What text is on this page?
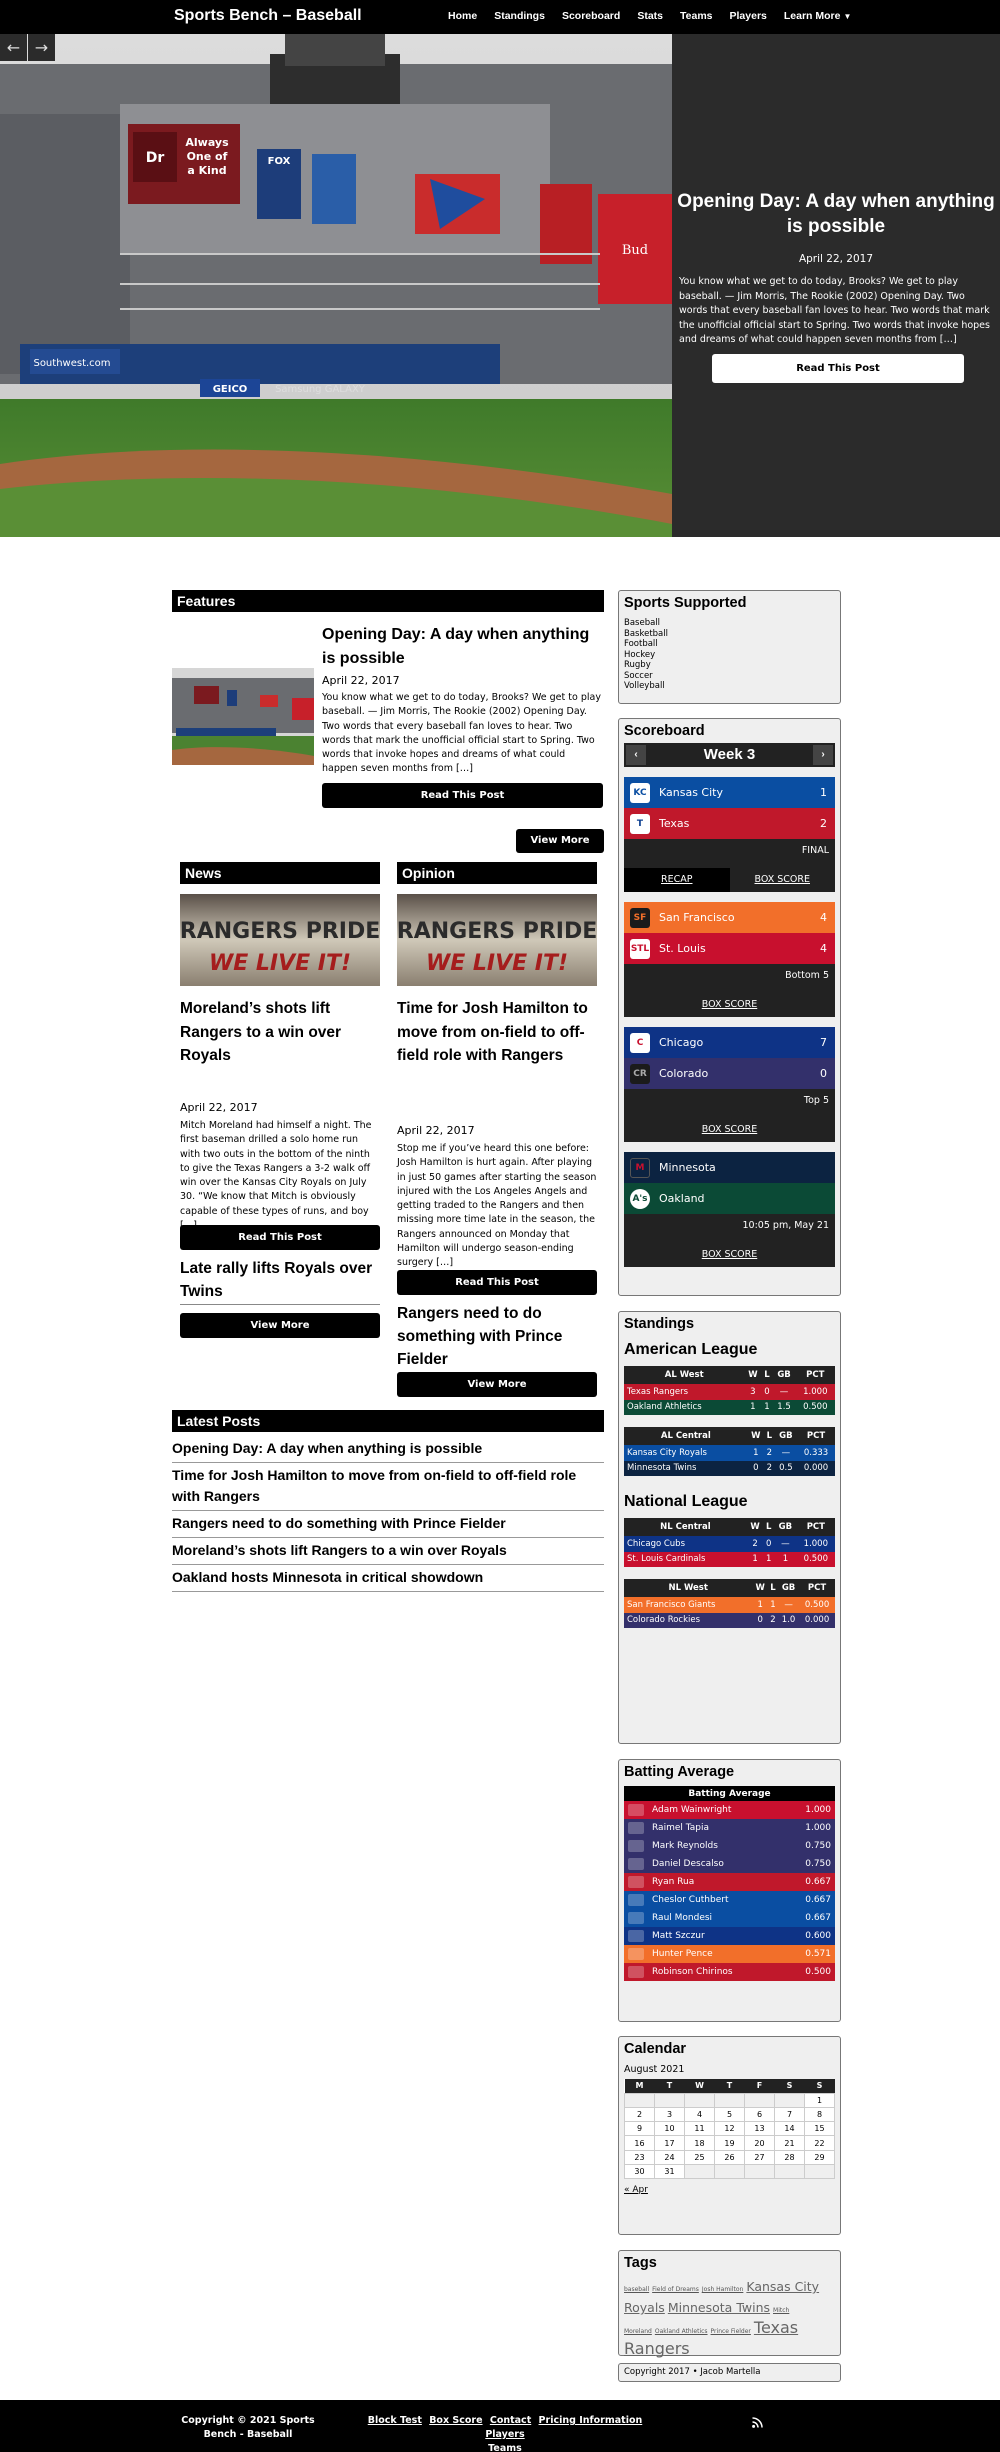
Sports Bench – Baseball	Home Standings Scoreboard Stats Teams Players Learn More ▼
Dr
Always
One of
a Kind
FOX
Bud
Southwest.com
GEICO	Samsung GALAXY
← →
Opening Day: A day when anything is possible
April 22, 2017
You know what we get to do today, Brooks? We get to play baseball. — Jim Morris, The Rookie (2002) Opening Day. Two words that every baseball fan loves to hear. Two words that mark the unofficial official start to Spring. Two words that invoke hopes and dreams of what could happen seven months from […]
Read This Post
Features
Opening Day: A day when anything is possible
April 22, 2017
You know what we get to do today, Brooks? We get to play baseball. — Jim Morris, The Rookie (2002) Opening Day. Two words that every baseball fan loves to hear. Two words that mark the unofficial official start to Spring. Two words that invoke hopes and dreams of what could happen seven months from […]
Read This Post
View More
News
RANGERS PRIDE
WE LIVE IT!
Moreland’s shots lift Rangers to a win over Royals
April 22, 2017
Mitch Moreland had himself a night. The first baseman drilled a solo home run with two outs in the bottom of the ninth to give the Texas Rangers a 3-2 walk off win over the Kansas City Royals on July 30. “We know that Mitch is obviously capable of these types of runs, and boy
Read This Post
Late rally lifts Royals over Twins
View More
Opinion
RANGERS PRIDE
WE LIVE IT!
Time for Josh Hamilton to move from on-field to off-field role with Rangers
April 22, 2017
Stop me if you’ve heard this one before: Josh Hamilton is hurt again. After playing in just 50 games after starting the season injured with the Los Angeles Angels and getting traded to the Rangers and then missing more time late in the season, the Rangers announced on Monday that Hamilton will undergo season-ending surgery […]
Read This Post
Rangers need to do something with Prince Fielder
View More
Latest Posts
Opening Day: A day when anything is possible
Time for Josh Hamilton to move from on-field to off-field role with Rangers
Rangers need to do something with Prince Fielder
Moreland’s shots lift Rangers to a win over Royals
Oakland hosts Minnesota in critical showdown
Sports Supported
Baseball
Basketball
Football
Hockey
Rugby
Soccer
Volleyball
Scoreboard
‹	Week 3	›
KC	Kansas City	1
T	Texas	2
FINAL
RECAP	BOX SCORE
SF	San Francisco	4
STL St. Louis	4
Bottom 5
BOX SCORE
C	Chicago	7
CR Colorado	0
Top 5
BOX SCORE
M	Minnesota
A's Oakland
10:05 pm, May 21
BOX SCORE
Standings
American League
AL West	W	L	GB	PCT
Texas Rangers	3	0	—	1.000
Oakland Athletics	1	1	1.5	0.500
AL Central	W	L	GB	PCT
Kansas City Royals	1	2	—	0.333
Minnesota Twins	0	2	0.5	0.000
National League
NL Central	W	L	GB	PCT
Chicago Cubs	2	0	—	1.000
St. Louis Cardinals	1	1	1	0.500
NL West	W	L	GB	PCT
San Francisco Giants	1	1	—	0.500
Colorado Rockies	0	2	1.0	0.000
Batting Average
Batting Average		
	Adam Wainwright	1.000
	Raimel Tapia	1.000
	Mark Reynolds	0.750
	Daniel Descalso	0.750
	Ryan Rua	0.667
	Cheslor Cuthbert	0.667
	Raul Mondesi	0.667
	Matt Szczur	0.600
	Hunter Pence	0.571
	Robinson Chirinos	0.500
Calendar
August 2021
M	T	W	T	F	S	S
						1
2	3	4	5	6	7	8
9	10	11	12	13	14	15
16	17	18	19	20	21	22
23	24	25	26	27	28	29
30	31					
« Apr
Tags
baseball Field of Dreams Josh Hamilton Kansas City Royals Minnesota Twins Mitch Moreland Oakland Athletics Prince Fielder Texas Rangers
Copyright 2017 • Jacob Martella
Copyright © 2021 Sports Bench - Baseball
Block Test Box Score Contact Pricing Information Players
Teams
